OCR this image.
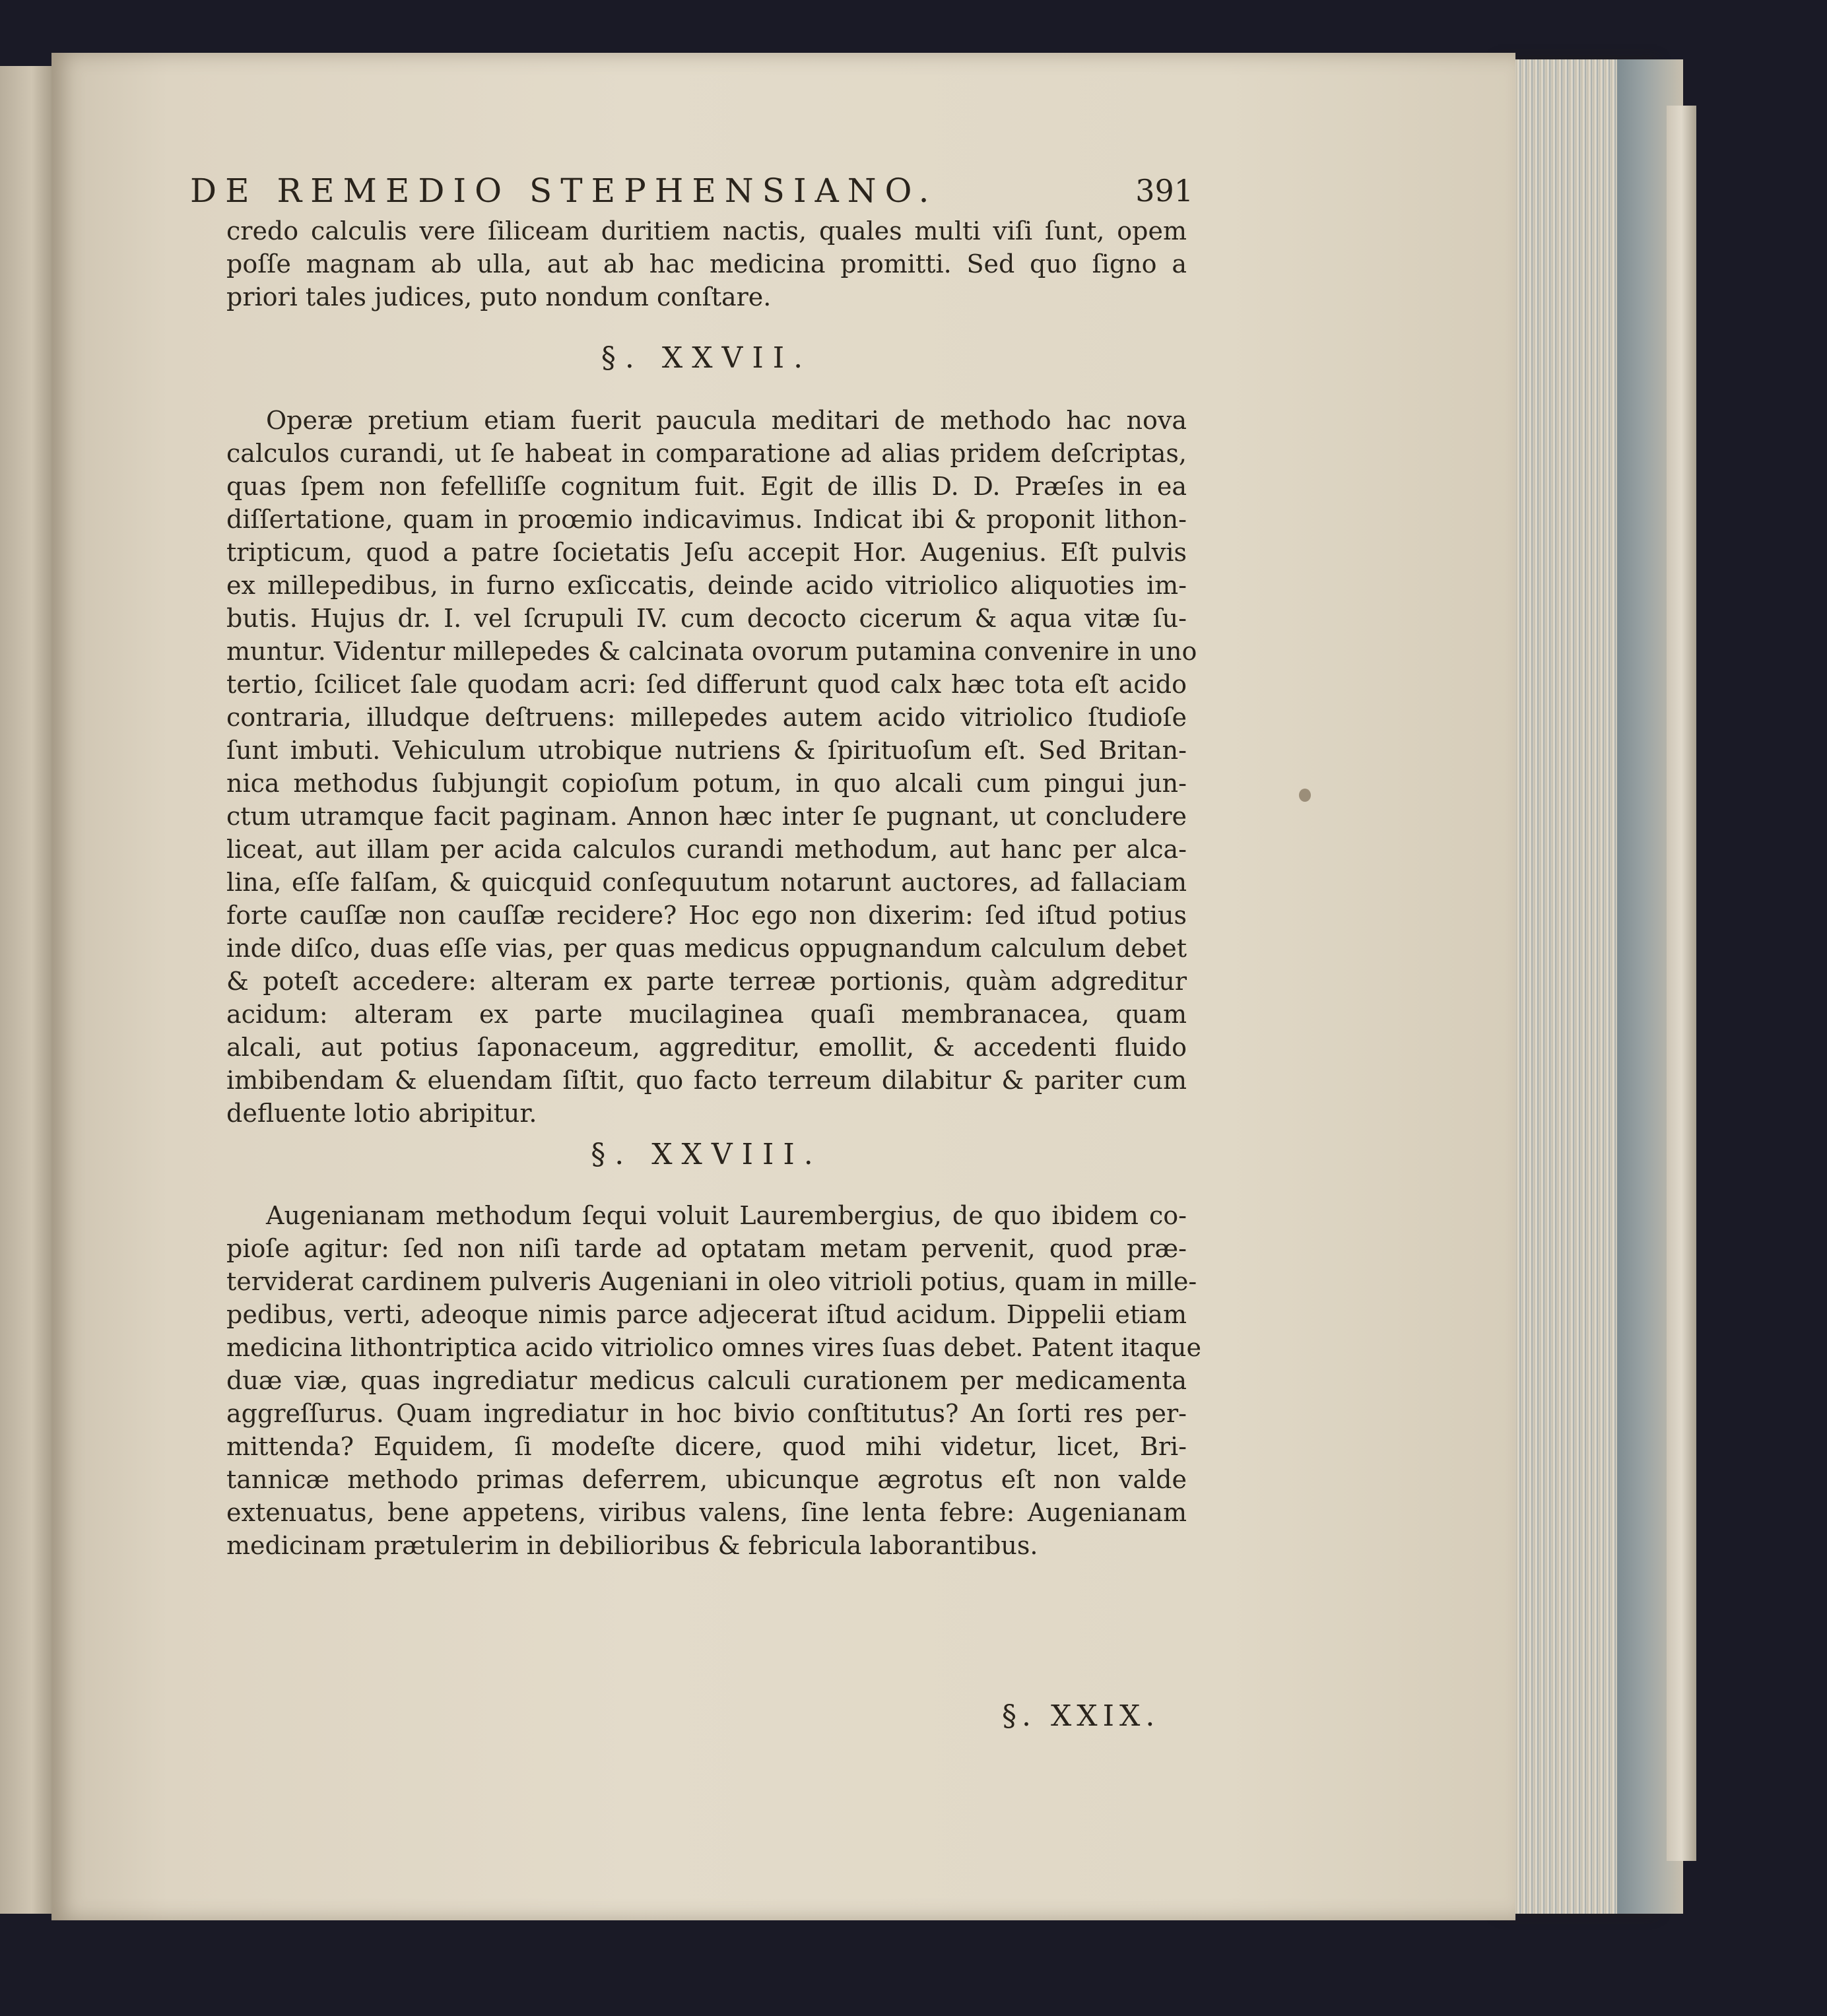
DE REMEDIO STEPHENSIANO.	391
credo calculis vere ſiliceam duritiem nactis, quales multi viſi ſunt, opem
poſſe magnam ab ulla, aut ab hac medicina promitti. Sed quo ſigno a
priori tales judices, puto nondum conſtare.
§. XXVII.
Operæ pretium etiam fuerit paucula meditari de methodo hac nova
calculos curandi, ut ſe habeat in comparatione ad alias pridem deſcriptas,
quas ſpem non fefelliſſe cognitum fuit. Egit de illis D. D. Præſes in ea
diſſertatione, quam in proœmio indicavimus. Indicat ibi & proponit lithon-
tripticum, quod a patre ſocietatis Jeſu accepit Hor. Augenius. Eſt pulvis
ex millepedibus, in furno exſiccatis, deinde acido vitriolico aliquoties im-
butis. Hujus dr. I. vel ſcrupuli IV. cum decocto cicerum & aqua vitæ ſu-
muntur. Videntur millepedes & calcinata ovorum putamina convenire in uno
tertio, ſcilicet ſale quodam acri: ſed differunt quod calx hæc tota eſt acido
contraria, illudque deſtruens: millepedes autem acido vitriolico ſtudioſe
ſunt imbuti. Vehiculum utrobique nutriens & ſpirituoſum eſt. Sed Britan-
nica methodus ſubjungit copioſum potum, in quo alcali cum pingui jun-
ctum utramque facit paginam. Annon hæc inter ſe pugnant, ut concludere
liceat, aut illam per acida calculos curandi methodum, aut hanc per alca-
lina, eſſe falſam, & quicquid conſequutum notarunt auctores, ad fallaciam
forte cauſſæ non cauſſæ recidere? Hoc ego non dixerim: ſed iſtud potius
inde diſco, duas eſſe vias, per quas medicus oppugnandum calculum debet
& poteſt accedere: alteram ex parte terreæ portionis, quàm adgreditur
acidum: alteram ex parte mucilaginea quaſi membranacea, quam
alcali, aut potius ſaponaceum, aggreditur, emollit, & accedenti fluido
imbibendam & eluendam ſiſtit, quo facto terreum dilabitur & pariter cum
defluente lotio abripitur.
§. XXVIII.
Augenianam methodum ſequi voluit Laurembergius, de quo ibidem co-
pioſe agitur: ſed non niſi tarde ad optatam metam pervenit, quod præ-
terviderat cardinem pulveris Augeniani in oleo vitrioli potius, quam in mille-
pedibus, verti, adeoque nimis parce adjecerat iſtud acidum. Dippelii etiam
medicina lithontriptica acido vitriolico omnes vires ſuas debet. Patent itaque
duæ viæ, quas ingrediatur medicus calculi curationem per medicamenta
aggreſſurus. Quam ingrediatur in hoc bivio conſtitutus? An ſorti res per-
mittenda? Equidem, ſi modeſte dicere, quod mihi videtur, licet, Bri-
tannicæ methodo primas deferrem, ubicunque ægrotus eſt non valde
extenuatus, bene appetens, viribus valens, ſine lenta febre: Augenianam
medicinam prætulerim in debilioribus & febricula laborantibus.
§. XXIX.
